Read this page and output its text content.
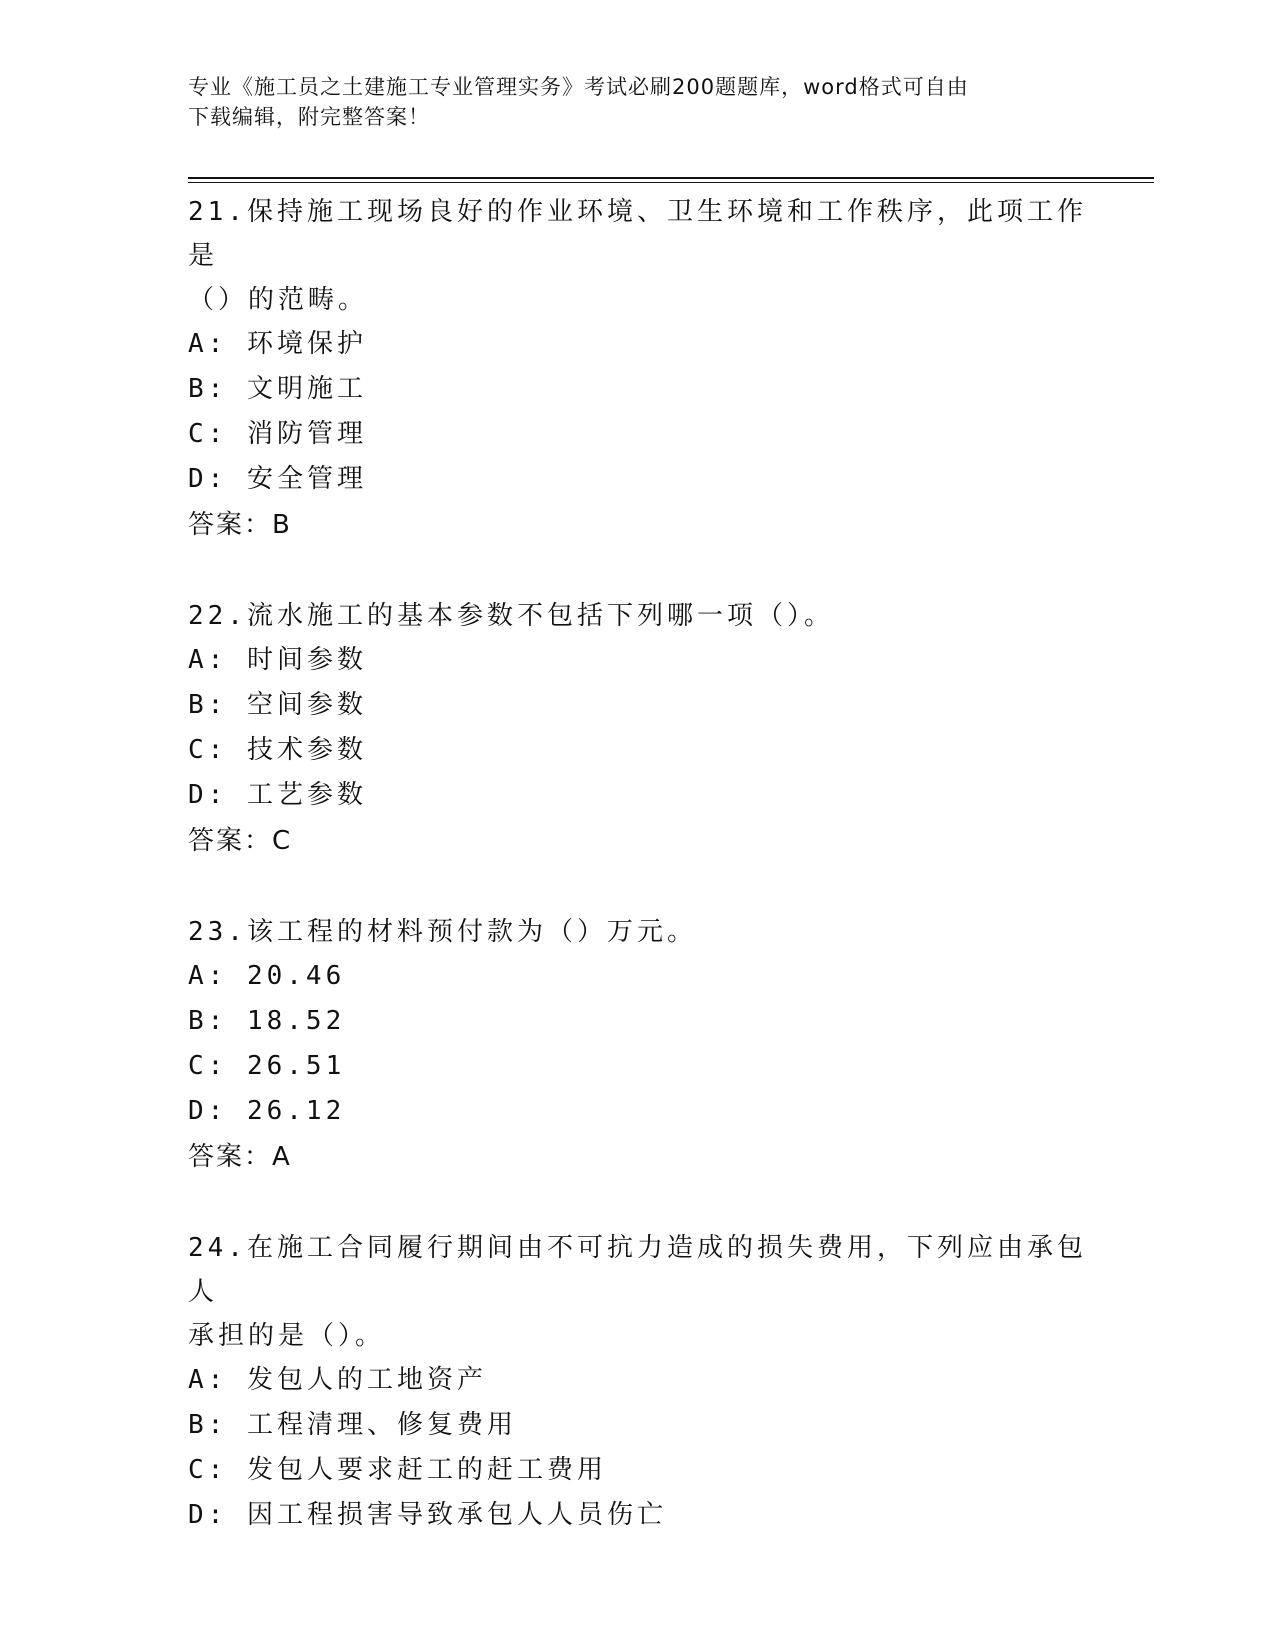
专业《施工员之土建施工专业管理实务》考试必刷200题题库，word格式可自由
下载编辑，附完整答案！

21.保持施工现场良好的作业环境、卫生环境和工作秩序，此项工作是

（）的范畴。

A: 环境保护

B: 文明施工

C: 消防管理

D: 安全管理

答案：B

22.流水施工的基本参数不包括下列哪一项（）。

A: 时间参数

B: 空间参数

C: 技术参数

D: 工艺参数

答案：C

23.该工程的材料预付款为（）万元。

A: 20.46

B: 18.52

C: 26.51

D: 26.12

答案：A

24.在施工合同履行期间由不可抗力造成的损失费用，下列应由承包人

承担的是（）。

A: 发包人的工地资产

B: 工程清理、修复费用

C: 发包人要求赶工的赶工费用

D: 因工程损害导致承包人人员伤亡
